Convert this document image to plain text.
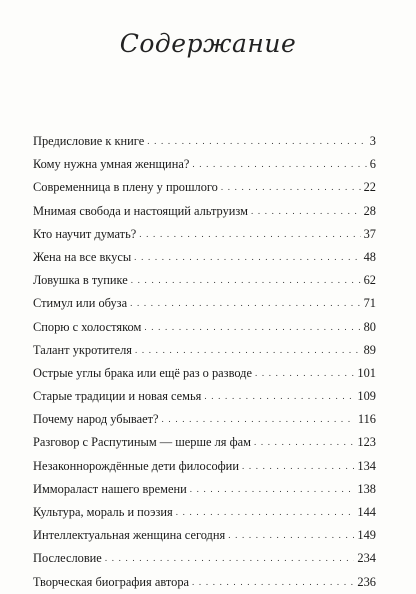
Содержание
Предисловие к книге . . .	3
Кому нужна умная женщина? . . .	6
Современница в плену у прошлого . . .	22
Мнимая свобода и настоящий альтруизм . . .	28
Кто научит думать? . . .	37
Жена на все вкусы . . .	48
Ловушка в тупике . . .	62
Стимул или обуза . . .	71
Спорю с холостяком . . .	80
Талант укротителя . . .	89
Острые углы брака или ещё раз о разводе . . .	101
Старые традиции и новая семья . . .	109
Почему народ убывает? . . .	116
Разговор с Распутиным — шерше ля фам . . .	123
Незаконнорождённые дети философии . . .	134
Иммораласт нашего времени . . .	138
Культура, мораль и поэзия . . .	144
Интеллектуальная женщина сегодня . . .	149
Послесловие . . .	234
Творческая биография автора . . .	236
